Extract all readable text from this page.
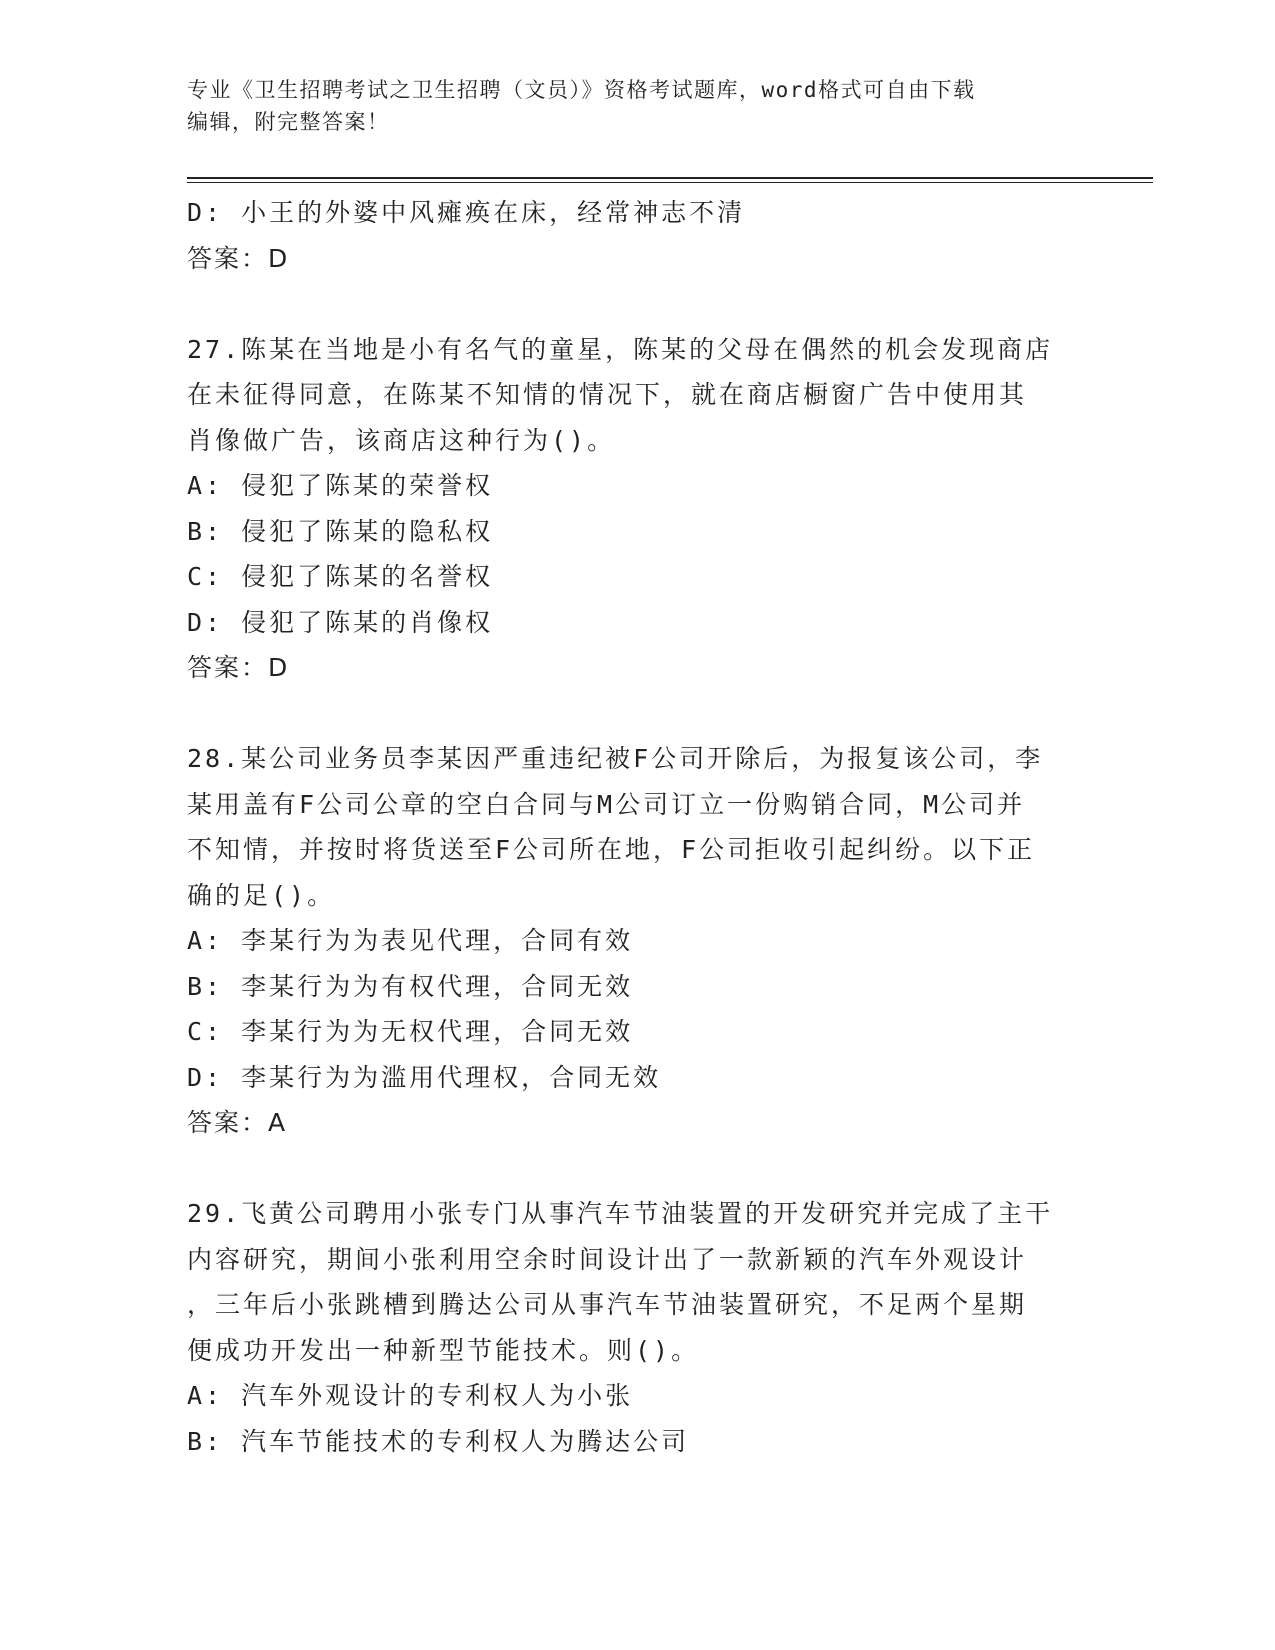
专业《卫生招聘考试之卫生招聘（文员）》资格考试题库，word格式可自由下载
编辑，附完整答案！
D: 小王的外婆中风瘫痪在床，经常神志不清
答案：D
27.陈某在当地是小有名气的童星，陈某的父母在偶然的机会发现商店
在未征得同意，在陈某不知情的情况下，就在商店橱窗广告中使用其
肖像做广告，该商店这种行为()。
A: 侵犯了陈某的荣誉权
B: 侵犯了陈某的隐私权
C: 侵犯了陈某的名誉权
D: 侵犯了陈某的肖像权
答案：D
28.某公司业务员李某因严重违纪被F公司开除后，为报复该公司，李
某用盖有F公司公章的空白合同与M公司订立一份购销合同，M公司并
不知情，并按时将货送至F公司所在地，F公司拒收引起纠纷。以下正
确的足()。
A: 李某行为为表见代理，合同有效
B: 李某行为为有权代理，合同无效
C: 李某行为为无权代理，合同无效
D: 李某行为为滥用代理权，合同无效
答案：A
29.飞黄公司聘用小张专门从事汽车节油装置的开发研究并完成了主干
内容研究，期间小张利用空余时间设计出了一款新颖的汽车外观设计
，三年后小张跳槽到腾达公司从事汽车节油装置研究，不足两个星期
便成功开发出一种新型节能技术。则()。
A: 汽车外观设计的专利权人为小张
B: 汽车节能技术的专利权人为腾达公司
